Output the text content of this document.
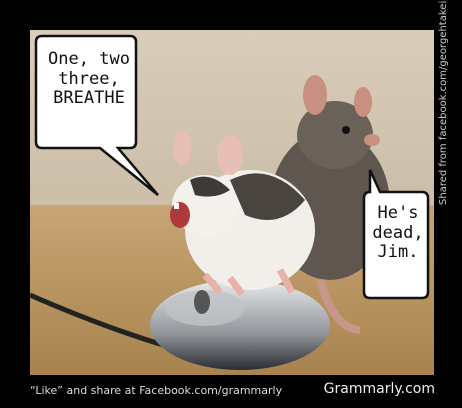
One, two
three,
BREATHE
He's
dead,
Jim.
Shared from facebook.com/georgehtakei
“Like” and share at Facebook.com/grammarly	Grammarly.com
